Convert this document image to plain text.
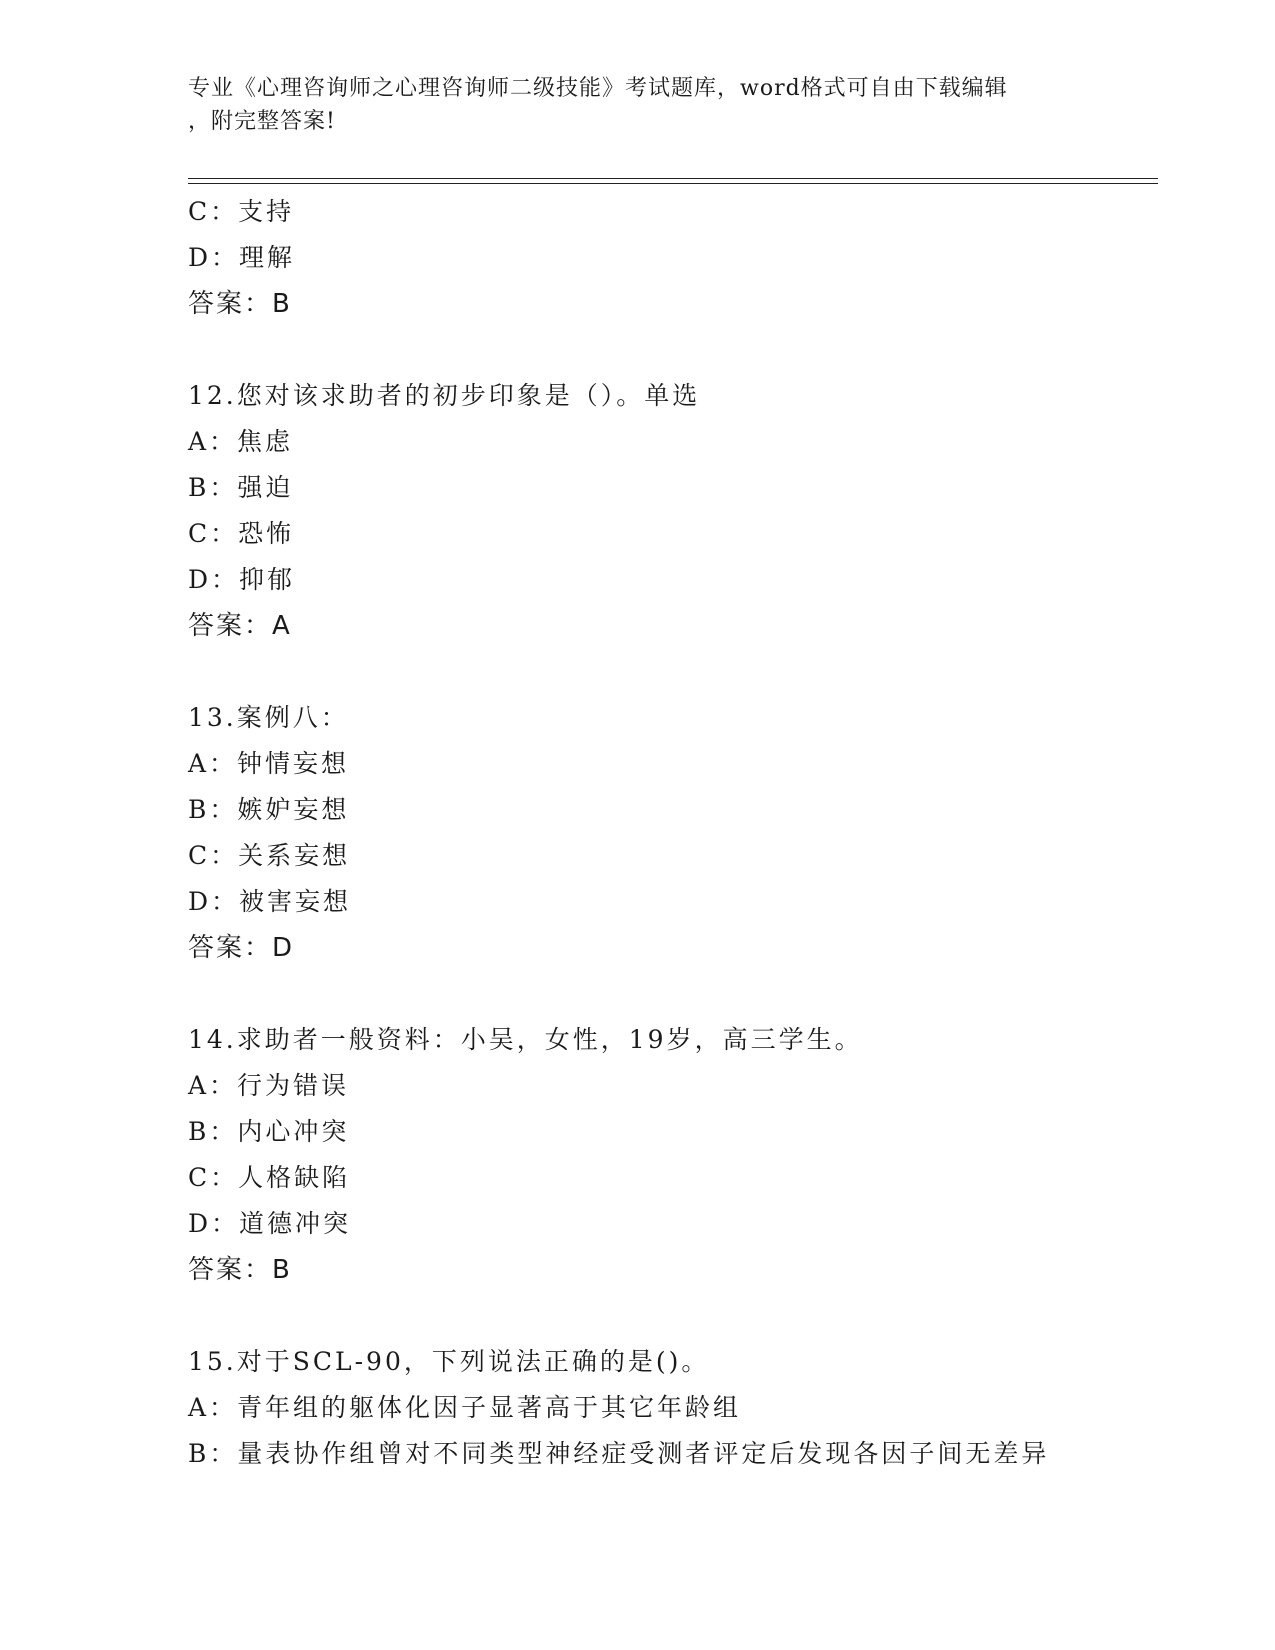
专业《心理咨询师之心理咨询师二级技能》考试题库，word格式可自由下载编辑
，附完整答案!
C：支持
D：理解
答案：B
12.您对该求助者的初步印象是（）。单选
A：焦虑
B：强迫
C：恐怖
D：抑郁
答案：A
13.案例八：
A：钟情妄想
B：嫉妒妄想
C：关系妄想
D：被害妄想
答案：D
14.求助者一般资料：小吴，女性，19岁，高三学生。
A：行为错误
B：内心冲突
C：人格缺陷
D：道德冲突
答案：B
15.对于SCL-90，下列说法正确的是()。
A：青年组的躯体化因子显著高于其它年龄组
B：量表协作组曾对不同类型神经症受测者评定后发现各因子间无差异
